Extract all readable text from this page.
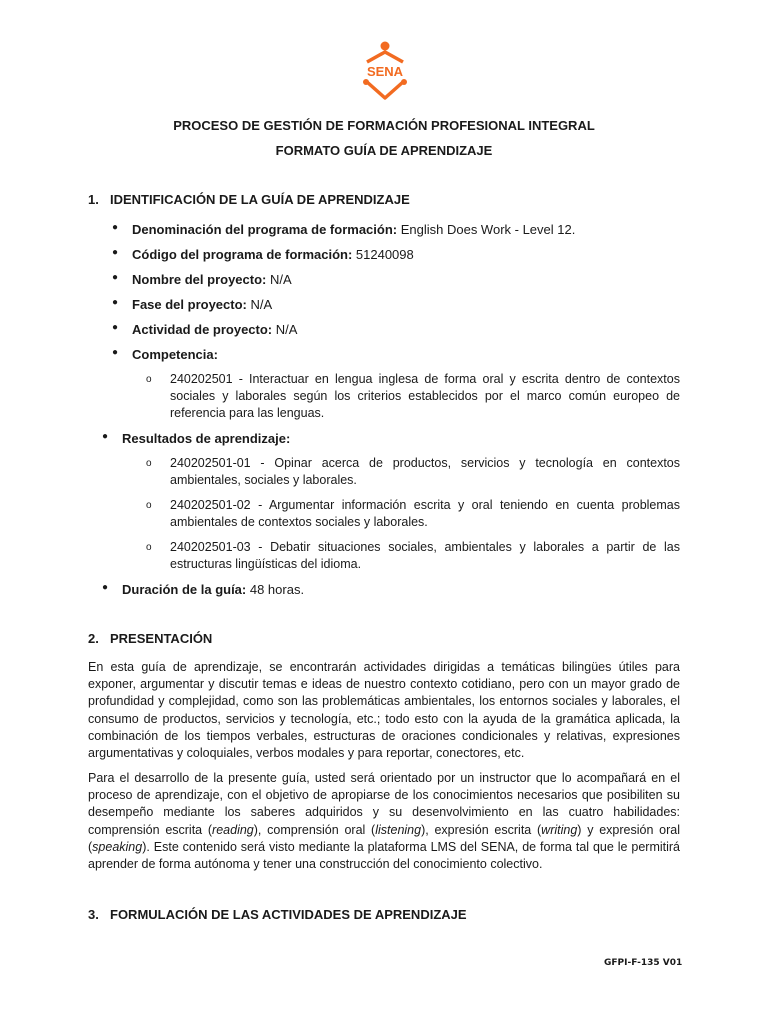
SENA
PROCESO DE GESTIÓN DE FORMACIÓN PROFESIONAL INTEGRAL
FORMATO GUÍA DE APRENDIZAJE
1. IDENTIFICACIÓN DE LA GUÍA DE APRENDIZAJE
● Denominación del programa de formación: English Does Work - Level 12.
● Código del programa de formación: 51240098
● Nombre del proyecto: N/A
● Fase del proyecto: N/A
● Actividad de proyecto: N/A
● Competencia:
o 240202501 - Interactuar en lengua inglesa de forma oral y escrita dentro de contextos sociales y laborales según los criterios establecidos por el marco común europeo de referencia para las lenguas.
● Resultados de aprendizaje:
o 240202501-01 - Opinar acerca de productos, servicios y tecnología en contextos ambientales, sociales y laborales.
o 240202501-02 - Argumentar información escrita y oral teniendo en cuenta problemas ambientales de contextos sociales y laborales.
o 240202501-03 - Debatir situaciones sociales, ambientales y laborales a partir de las estructuras lingüísticas del idioma.
● Duración de la guía: 48 horas.
2. PRESENTACIÓN
En esta guía de aprendizaje, se encontrarán actividades dirigidas a temáticas bilingües útiles para exponer, argumentar y discutir temas e ideas de nuestro contexto cotidiano, pero con un mayor grado de profundidad y complejidad, como son las problemáticas ambientales, los entornos sociales y laborales, el consumo de productos, servicios y tecnología, etc.; todo esto con la ayuda de la gramática aplicada, la combinación de los tiempos verbales, estructuras de oraciones condicionales y relativas, expresiones argumentativas y coloquiales, verbos modales y para reportar, conectores, etc.
Para el desarrollo de la presente guía, usted será orientado por un instructor que lo acompañará en el proceso de aprendizaje, con el objetivo de apropiarse de los conocimientos necesarios que posibiliten su desempeño mediante los saberes adquiridos y su desenvolvimiento en las cuatro habilidades: comprensión escrita (reading), comprensión oral (listening), expresión escrita (writing) y expresión oral (speaking). Este contenido será visto mediante la plataforma LMS del SENA, de forma tal que le permitirá aprender de forma autónoma y tener una construcción del conocimiento colectivo.
3. FORMULACIÓN DE LAS ACTIVIDADES DE APRENDIZAJE
GFPI-F-135 V01
